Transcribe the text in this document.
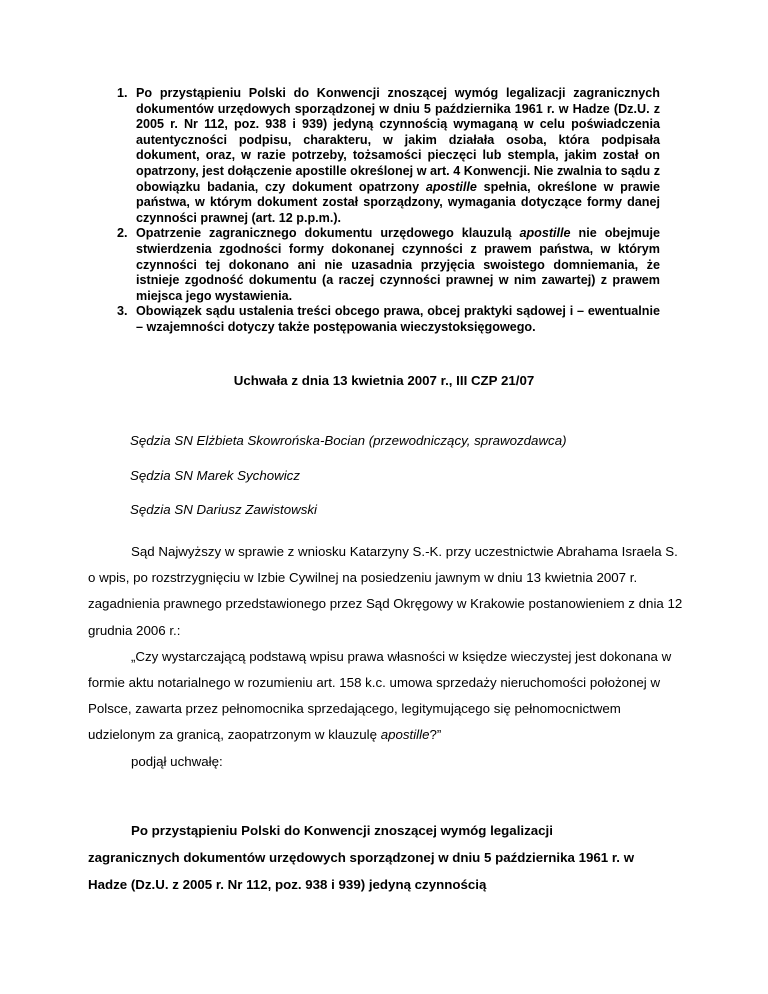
1. Po przystąpieniu Polski do Konwencji znoszącej wymóg legalizacji zagranicznych dokumentów urzędowych sporządzonej w dniu 5 października 1961 r. w Hadze (Dz.U. z 2005 r. Nr 112, poz. 938 i 939) jedyną czynnością wymaganą w celu poświadczenia autentyczności podpisu, charakteru, w jakim działała osoba, która podpisała dokument, oraz, w razie potrzeby, tożsamości pieczęci lub stempla, jakim został on opatrzony, jest dołączenie apostille określonej w art. 4 Konwencji. Nie zwalnia to sądu z obowiązku badania, czy dokument opatrzony apostille spełnia, określone w prawie państwa, w którym dokument został sporządzony, wymagania dotyczące formy danej czynności prawnej (art. 12 p.p.m.).
2. Opatrzenie zagranicznego dokumentu urzędowego klauzulą apostille nie obejmuje stwierdzenia zgodności formy dokonanej czynności z prawem państwa, w którym czynności tej dokonano ani nie uzasadnia przyjęcia swoistego domniemania, że istnieje zgodność dokumentu (a raczej czynności prawnej w nim zawartej) z prawem miejsca jego wystawienia.
3. Obowiązek sądu ustalenia treści obcego prawa, obcej praktyki sądowej i – ewentualnie – wzajemności dotyczy także postępowania wieczystoksięgowego.
Uchwała z dnia 13 kwietnia 2007 r., III CZP 21/07
Sędzia SN Elżbieta Skowrońska-Bocian (przewodniczący, sprawozdawca)
Sędzia SN Marek Sychowicz
Sędzia SN Dariusz Zawistowski

Sąd Najwyższy w sprawie z wniosku Katarzyny S.-K. przy uczestnictwie Abrahama Israela S. o wpis, po rozstrzygnięciu w Izbie Cywilnej na posiedzeniu jawnym w dniu 13 kwietnia 2007 r. zagadnienia prawnego przedstawionego przez Sąd Okręgowy w Krakowie postanowieniem z dnia 12 grudnia 2006 r.:

„Czy wystarczającą podstawą wpisu prawa własności w księdze wieczystej jest dokonana w formie aktu notarialnego w rozumieniu art. 158 k.c. umowa sprzedaży nieruchomości położonej w Polsce, zawarta przez pełnomocnika sprzedającego, legitymującego się pełnomocnictwem udzielonym za granicą, zaopatrzonym w klauzulę apostille?”

podjął uchwałę:

Po przystąpieniu Polski do Konwencji znoszącej wymóg legalizacji zagranicznych dokumentów urzędowych sporządzonej w dniu 5 października 1961 r. w Hadze (Dz.U. z 2005 r. Nr 112, poz. 938 i 939) jedyną czynnością
